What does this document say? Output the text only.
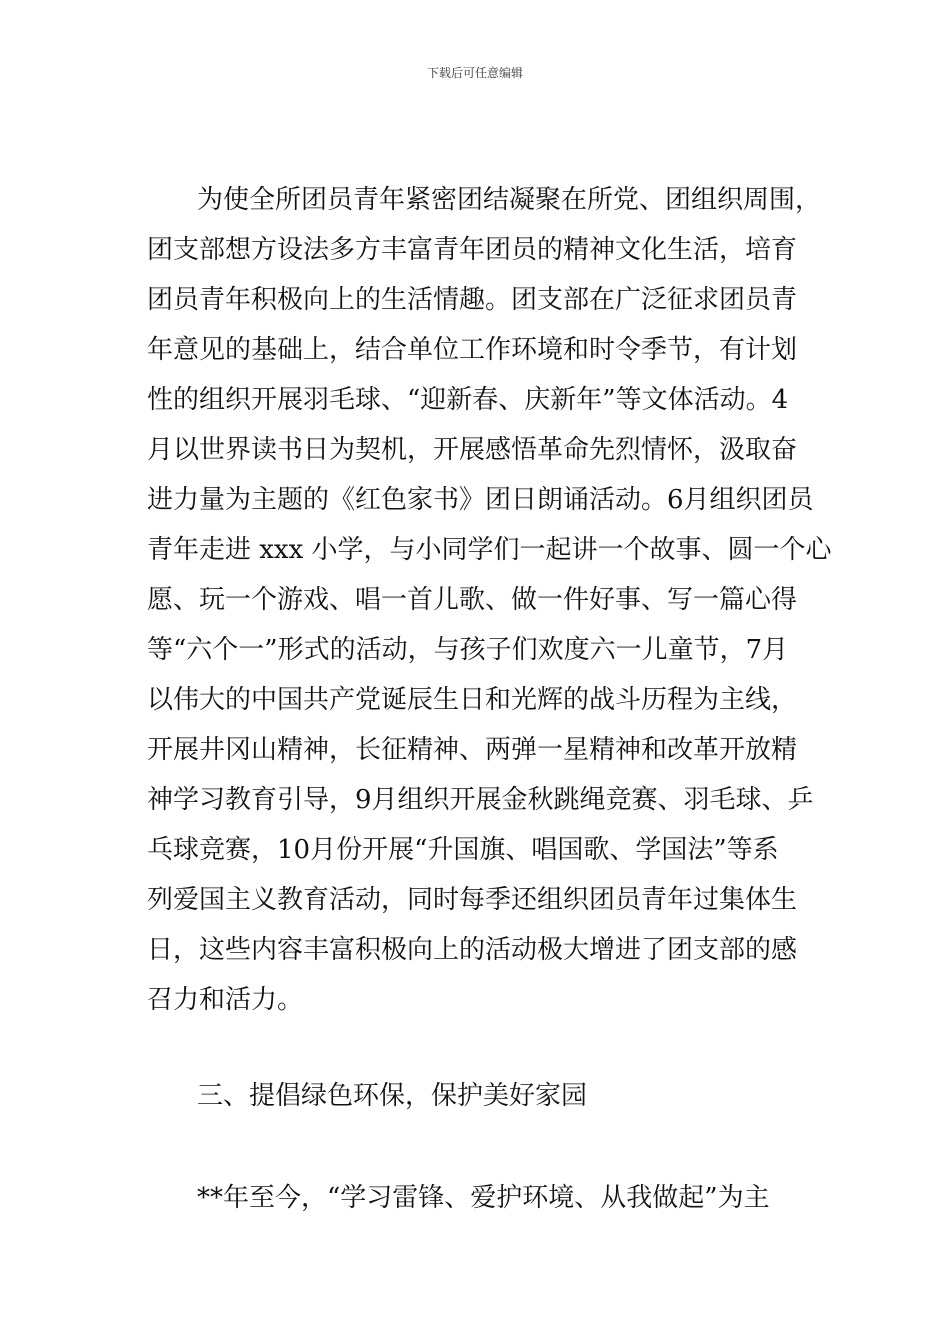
下载后可任意编辑
为使全所团员青年紧密团结凝聚在所党、团组织周围，
团支部想方设法多方丰富青年团员的精神文化生活，培育
团员青年积极向上的生活情趣。团支部在广泛征求团员青
年意见的基础上，结合单位工作环境和时令季节，有计划
性的组织开展羽毛球、“迎新春、庆新年”等文体活动。4
月以世界读书日为契机，开展感悟革命先烈情怀，汲取奋
进力量为主题的《红色家书》团日朗诵活动。6月组织团员
青年走进 xxx 小学，与小同学们一起讲一个故事、圆一个心
愿、玩一个游戏、唱一首儿歌、做一件好事、写一篇心得
等“六个一”形式的活动，与孩子们欢度六一儿童节，7月
以伟大的中国共产党诞辰生日和光辉的战斗历程为主线，
开展井冈山精神，长征精神、两弹一星精神和改革开放精
神学习教育引导，9月组织开展金秋跳绳竞赛、羽毛球、乒
乓球竞赛，10月份开展“升国旗、唱国歌、学国法”等系
列爱国主义教育活动，同时每季还组织团员青年过集体生
日，这些内容丰富积极向上的活动极大增进了团支部的感
召力和活力。
三、提倡绿色环保，保护美好家园
**年至今，“学习雷锋、爱护环境、从我做起”为主
